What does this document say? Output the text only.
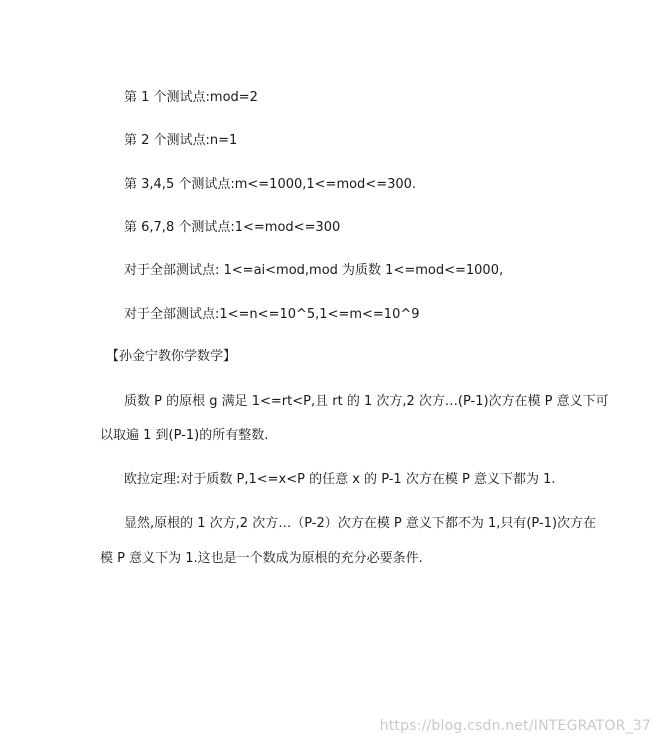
第 1 个测试点:mod=2
第 2 个测试点:n=1
第 3,4,5 个测试点:m<=1000,1<=mod<=300.
第 6,7,8 个测试点:1<=mod<=300
对于全部测试点: 1<=ai<mod,mod 为质数 1<=mod<=1000,
对于全部测试点:1<=n<=10^5,1<=m<=10^9
【孙金宁教你学数学】
质数 P 的原根 g 满足 1<=rt<P,且 rt 的 1 次方,2 次方…(P-1)次方在模 P 意义下可
以取遍 1 到(P-1)的所有整数.
欧拉定理:对于质数 P,1<=x<P 的任意 x 的 P-1 次方在模 P 意义下都为 1.
显然,原根的 1 次方,2 次方…（P-2）次方在模 P 意义下都不为 1,只有(P-1)次方在
模 P 意义下为 1.这也是一个数成为原根的充分必要条件.
https://blog.csdn.net/INTEGRATOR_37
